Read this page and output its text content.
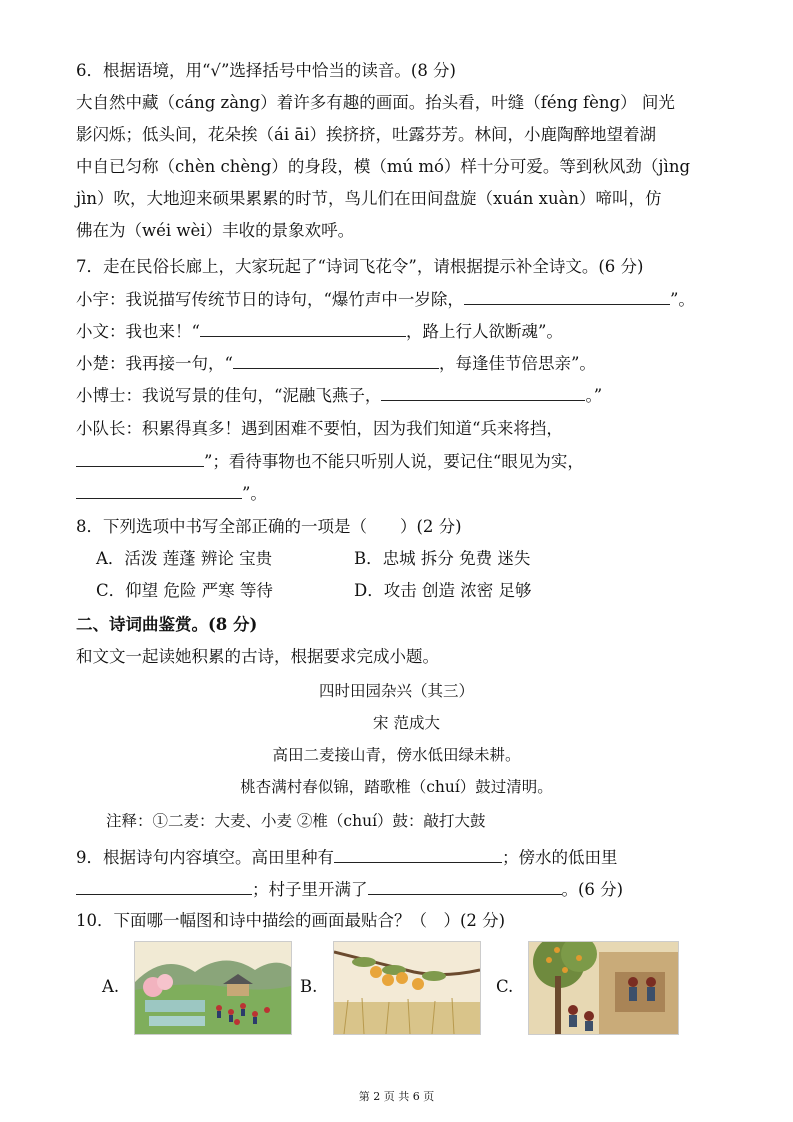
6．根据语境，用“√”选择括号中恰当的读音。(8 分)
大自然中藏（cáng zàng）着许多有趣的画面。抬头看，叶缝（féng fèng） 间光
影闪烁；低头间，花朵挨（ái āi）挨挤挤，吐露芬芳。林间，小鹿陶醉地望着湖
中自已匀称（chèn chèng）的身段，模（mú mó）样十分可爱。等到秋风劲（jìng
jìn）吹，大地迎来硕果累累的时节，鸟儿们在田间盘旋（xuán xuàn）啼叫，仿
佛在为（wéi wèi）丰收的景象欢呼。
7．走在民俗长廊上，大家玩起了“诗词飞花令”，请根据提示补全诗文。(6 分)
小宇：我说描写传统节日的诗句，“爆竹声中一岁除，	”。
小文：我也来！“	，路上行人欲断魂”。
小楚：我再接一句，“	，每逢佳节倍思亲”。
小博士：我说写景的佳句，“泥融飞燕子，	。”
小队长：积累得真多！遇到困难不要怕，因为我们知道“兵来将挡，
”；看待事物也不能只听别人说，要记住“眼见为实，
”。
8．下列选项中书写全部正确的一项是（　　）(2 分)
A．活泼 莲蓬 辨论 宝贵	B．忠城 拆分 免费 迷失
C．仰望 危险 严寒 等待	D．攻击 创造 浓密 足够
二、诗词曲鉴赏。(8 分)
和文文一起读她积累的古诗，根据要求完成小题。
四时田园杂兴（其三）
宋 范成大
高田二麦接山青，傍水低田绿未耕。
桃杏满村春似锦，踏歌椎（chuí）鼓过清明。
注释：①二麦：大麦、小麦 ②椎（chuí）鼓：敲打大鼓
9．根据诗句内容填空。高田里种有	；傍水的低田里
；村子里开满了	。(6 分)
10．下面哪一幅图和诗中描绘的画面最贴合？（　）(2 分)
A.	B.	C.
第 2 页 共 6 页
